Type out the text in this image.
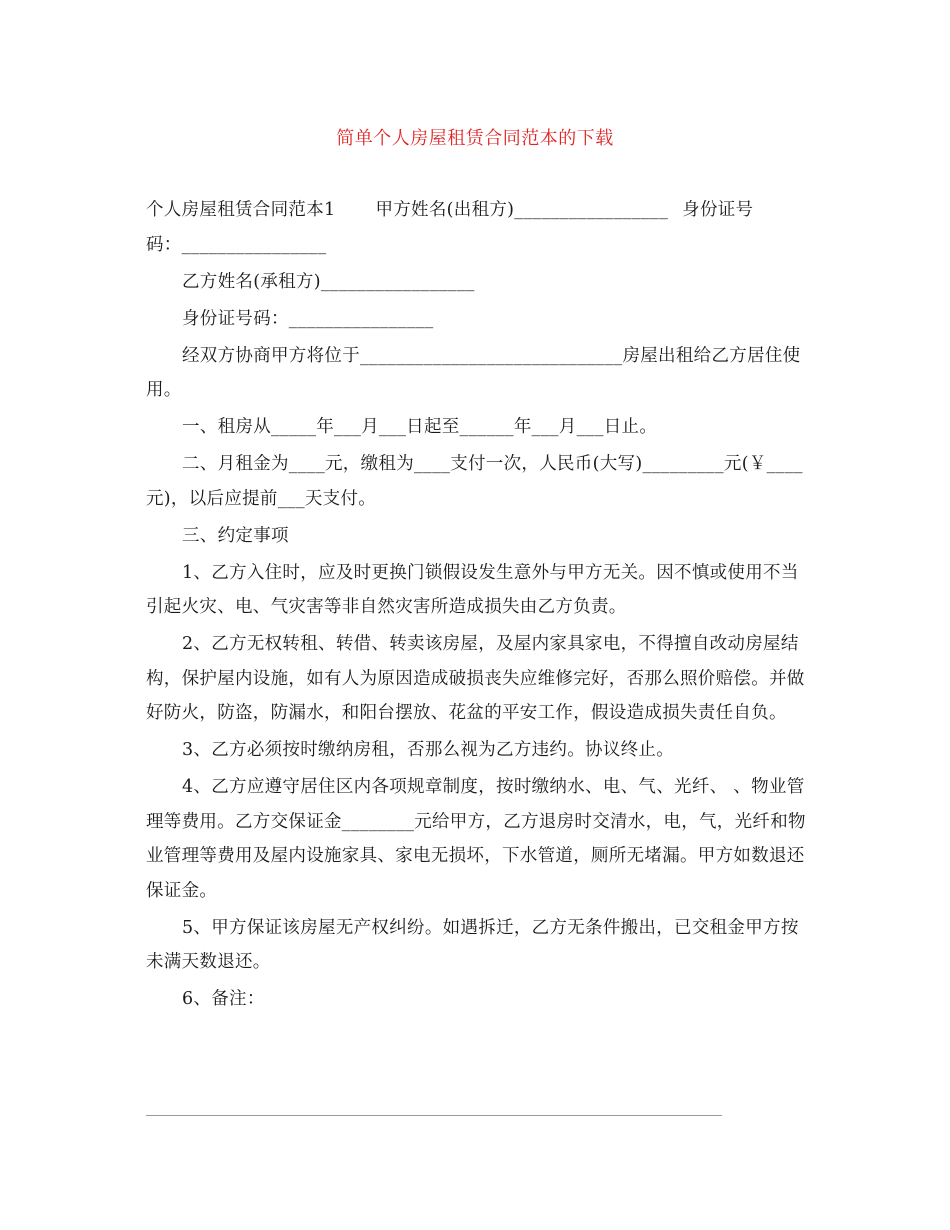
简单个人房屋租赁合同范本的下载

个人房屋租赁合同范本1 甲方姓名(出租方)_________________ 身份证号
码：________________

乙方姓名(承租方)_________________

身份证号码：________________

经双方协商甲方将位于_____________________________房屋出租给乙方居住使用。

一、租房从_____年___月___日起至______年___月___日止。

二、月租金为____元，缴租为____支付一次，人民币(大写)_________元(￥____元)，以后应提前___天支付。

三、约定事项

1、乙方入住时，应及时更换门锁假设发生意外与甲方无关。因不慎或使用不当引起火灾、电、气灾害等非自然灾害所造成损失由乙方负责。

2、乙方无权转租、转借、转卖该房屋，及屋内家具家电，不得擅自改动房屋结构，保护屋内设施，如有人为原因造成破损丧失应维修完好，否那么照价赔偿。并做好防火，防盗，防漏水，和阳台摆放、花盆的平安工作，假设造成损失责任自负。

3、乙方必须按时缴纳房租，否那么视为乙方违约。协议终止。

4、乙方应遵守居住区内各项规章制度，按时缴纳水、电、气、光纤、 、物业管理等费用。乙方交保证金________元给甲方，乙方退房时交清水，电，气，光纤和物业管理等费用及屋内设施家具、家电无损坏，下水管道，厕所无堵漏。甲方如数退还保证金。

5、甲方保证该房屋无产权纠纷。如遇拆迁，乙方无条件搬出，已交租金甲方按未满天数退还。

6、备注：
